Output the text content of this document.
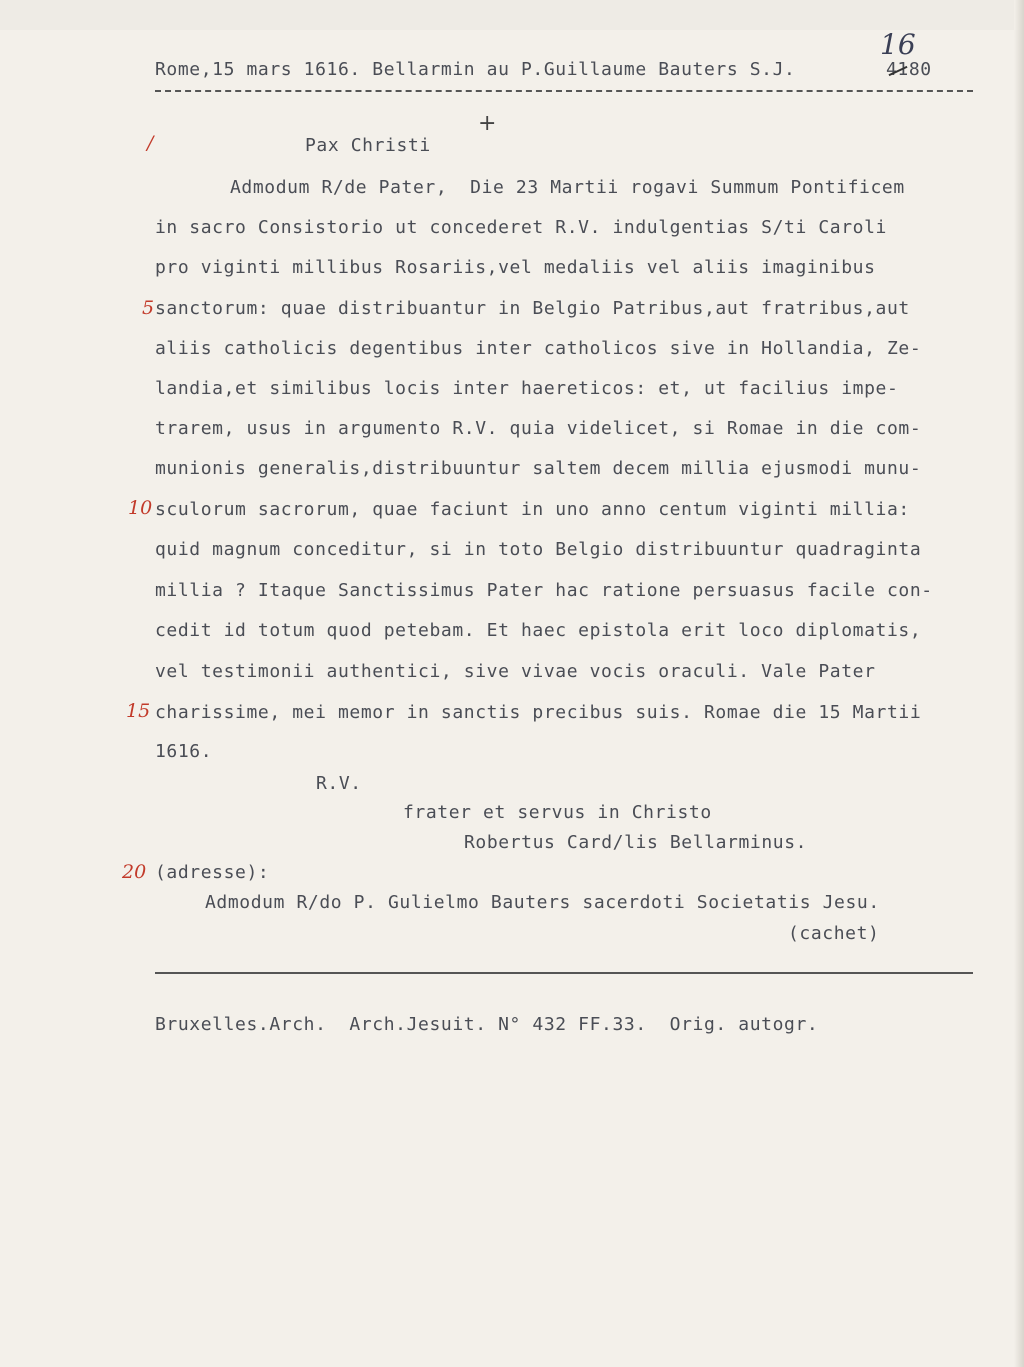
Rome,15 mars 1616. Bellarmin au P.Guillaume Bauters S.J.	4180
16
+
/	Pax Christi
Admodum R/de Pater,  Die 23 Martii rogavi Summum Pontificem
in sacro Consistorio ut concederet R.V. indulgentias S/ti Caroli
pro viginti millibus Rosariis,vel medaliis vel aliis imaginibus
5 sanctorum: quae distribuantur in Belgio Patribus,aut fratribus,aut
aliis catholicis degentibus inter catholicos sive in Hollandia, Ze-
landia,et similibus locis inter haereticos: et, ut facilius impe-
trarem, usus in argumento R.V. quia videlicet, si Romae in die com-
munionis generalis,distribuuntur saltem decem millia ejusmodi munu-
10 sculorum sacrorum, quae faciunt in uno anno centum viginti millia:
quid magnum conceditur, si in toto Belgio distribuuntur quadraginta
millia ? Itaque Sanctissimus Pater hac ratione persuasus facile con-
cedit id totum quod petebam. Et haec epistola erit loco diplomatis,
vel testimonii authentici, sive vivae vocis oraculi. Vale Pater
15 charissime, mei memor in sanctis precibus suis. Romae die 15 Martii
1616.
R.V.
frater et servus in Christo
Robertus Card/lis Bellarminus.
20 (adresse):
Admodum R/do P. Gulielmo Bauters sacerdoti Societatis Jesu.
(cachet)
Bruxelles.Arch.  Arch.Jesuit. N° 432 FF.33.  Orig. autogr.
